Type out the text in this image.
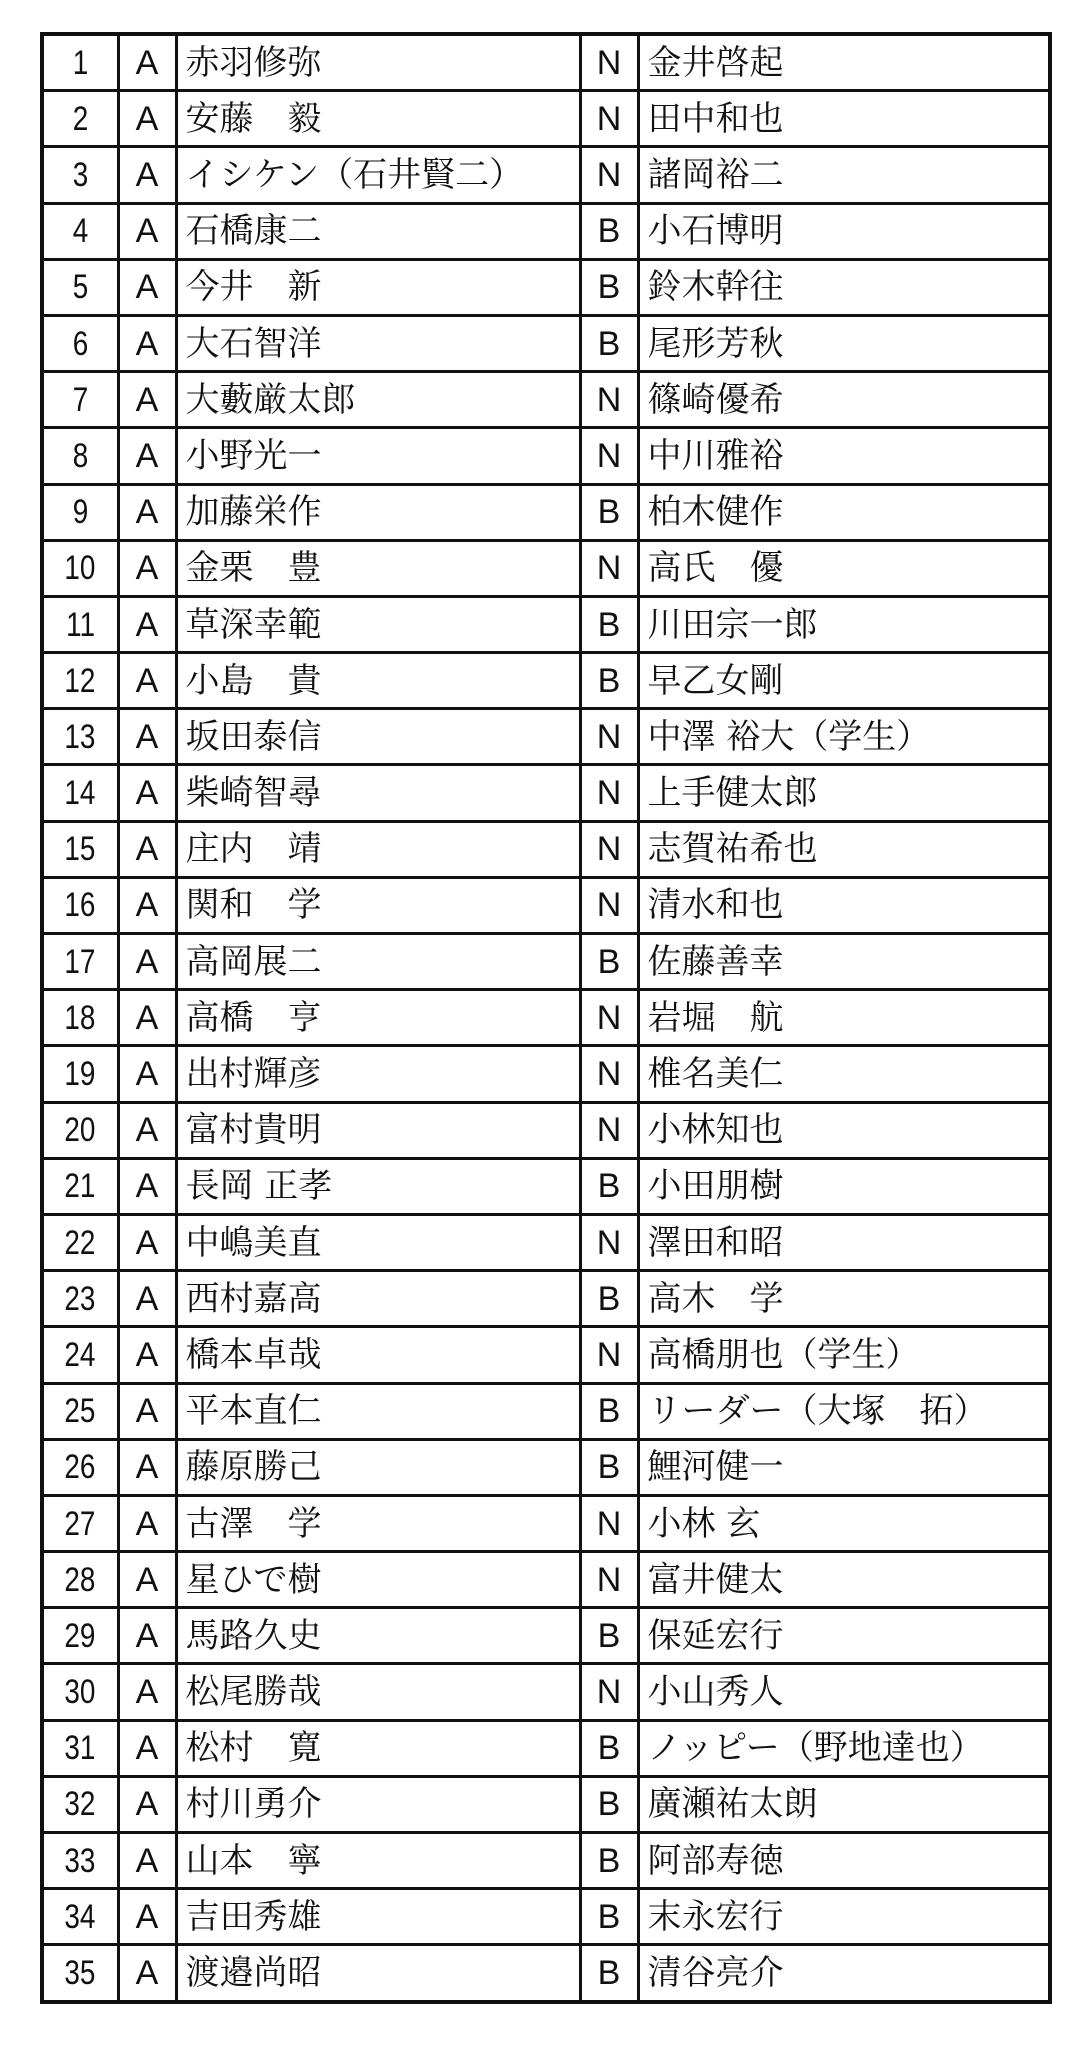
1	A	赤羽修弥	N	金井啓起
2	A	安藤　毅	N	田中和也
3	A	イシケン（石井賢二）	N	諸岡裕二
4	A	石橋康二	B	小石博明
5	A	今井　新	B	鈴木幹往
6	A	大石智洋	B	尾形芳秋
7	A	大藪厳太郎	N	篠崎優希
8	A	小野光一	N	中川雅裕
9	A	加藤栄作	B	柏木健作
10	A	金栗　豊	N	高氏　優
11	A	草深幸範	B	川田宗一郎
12	A	小島　貴	B	早乙女剛
13	A	坂田泰信	N	中澤 裕大（学生）
14	A	柴崎智尋	N	上手健太郎
15	A	庄内　靖	N	志賀祐希也
16	A	関和　学	N	清水和也
17	A	高岡展二	B	佐藤善幸
18	A	高橋　亨	N	岩堀　航
19	A	出村輝彦	N	椎名美仁
20	A	富村貴明	N	小林知也
21	A	長岡 正孝	B	小田朋樹
22	A	中嶋美直	N	澤田和昭
23	A	西村嘉高	B	高木　学
24	A	橋本卓哉	N	高橋朋也（学生）
25	A	平本直仁	B	リーダー（大塚　拓）
26	A	藤原勝己	B	鯉河健一
27	A	古澤　学	N	小林 玄
28	A	星ひで樹	N	富井健太
29	A	馬路久史	B	保延宏行
30	A	松尾勝哉	N	小山秀人
31	A	松村　寛	B	ノッピー（野地達也）
32	A	村川勇介	B	廣瀬祐太朗
33	A	山本　寧	B	阿部寿徳
34	A	吉田秀雄	B	末永宏行
35	A	渡邉尚昭	B	清谷亮介
